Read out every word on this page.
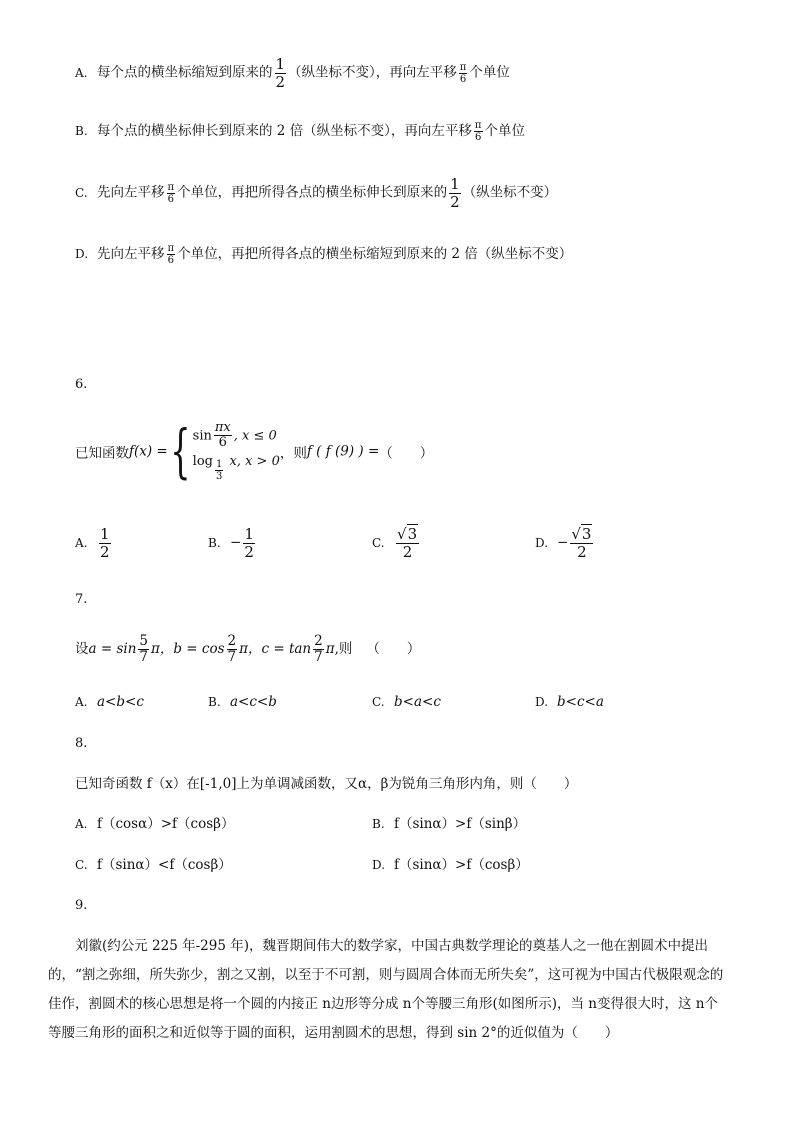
A. 每个点的横坐标缩短到原来的 $\frac{1}{2}$ （纵坐标不变），再向左平移 $\frac{\pi}{6}$ 个单位
B. 每个点的横坐标伸长到原来的 2 倍（纵坐标不变），再向左平移 $\frac{\pi}{6}$ 个单位
C. 先向左平移 $\frac{\pi}{6}$ 个单位，再把所得各点的横坐标伸长到原来的 $\frac{1}{2}$ （纵坐标不变）
D. 先向左平移 $\frac{\pi}{6}$ 个单位，再把所得各点的横坐标缩短到原来的 2 倍（纵坐标不变）
6.
已知函数f(x) ={ $\sin \frac{\pi x}{6}$ , x ≤ 0
$\log \frac{1}{3} x$, x > 0 ，则f ( f (9) ) =（　　）
A. $\frac{1}{2}$	B. − $\frac{1}{2}$	C. $\frac{√3}{2}$	D. − $\frac{√3}{2}$
7.
设$a = \sin \frac{5}{7}$ π，$b = \cos \frac{2}{7}$ π，$c = \tan \frac{2}{7} \pi$,则 （　　）
A. a<b<c	B. a<c<b	C. b<a<c	D. b<c<a
8.
已知奇函数 f（x）在[-1,0]上为单调减函数，又α，β为锐角三角形内角，则（　　）
A. f（cosα）>f（cosβ）	B. f（sinα）>f（sinβ）
C. f（sinα）<f（cosβ）	D. f（sinα）>f（cosβ）
9.
刘徽(约公元 225 年-295 年)，魏晋期间伟大的数学家，中国古典数学理论的奠基人之一他在割圆术中提出的，“割之弥细，所失弥少，割之又割，以至于不可割，则与圆周合体而无所失矣”，这可视为中国古代极限观念的佳作，割圆术的核心思想是将一个圆的内接正 n边形等分成 n个等腰三角形(如图所示)，当 n变得很大时，这 n个等腰三角形的面积之和近似等于圆的面积，运用割圆术的思想，得到 sin 2°的近似值为（　　）
